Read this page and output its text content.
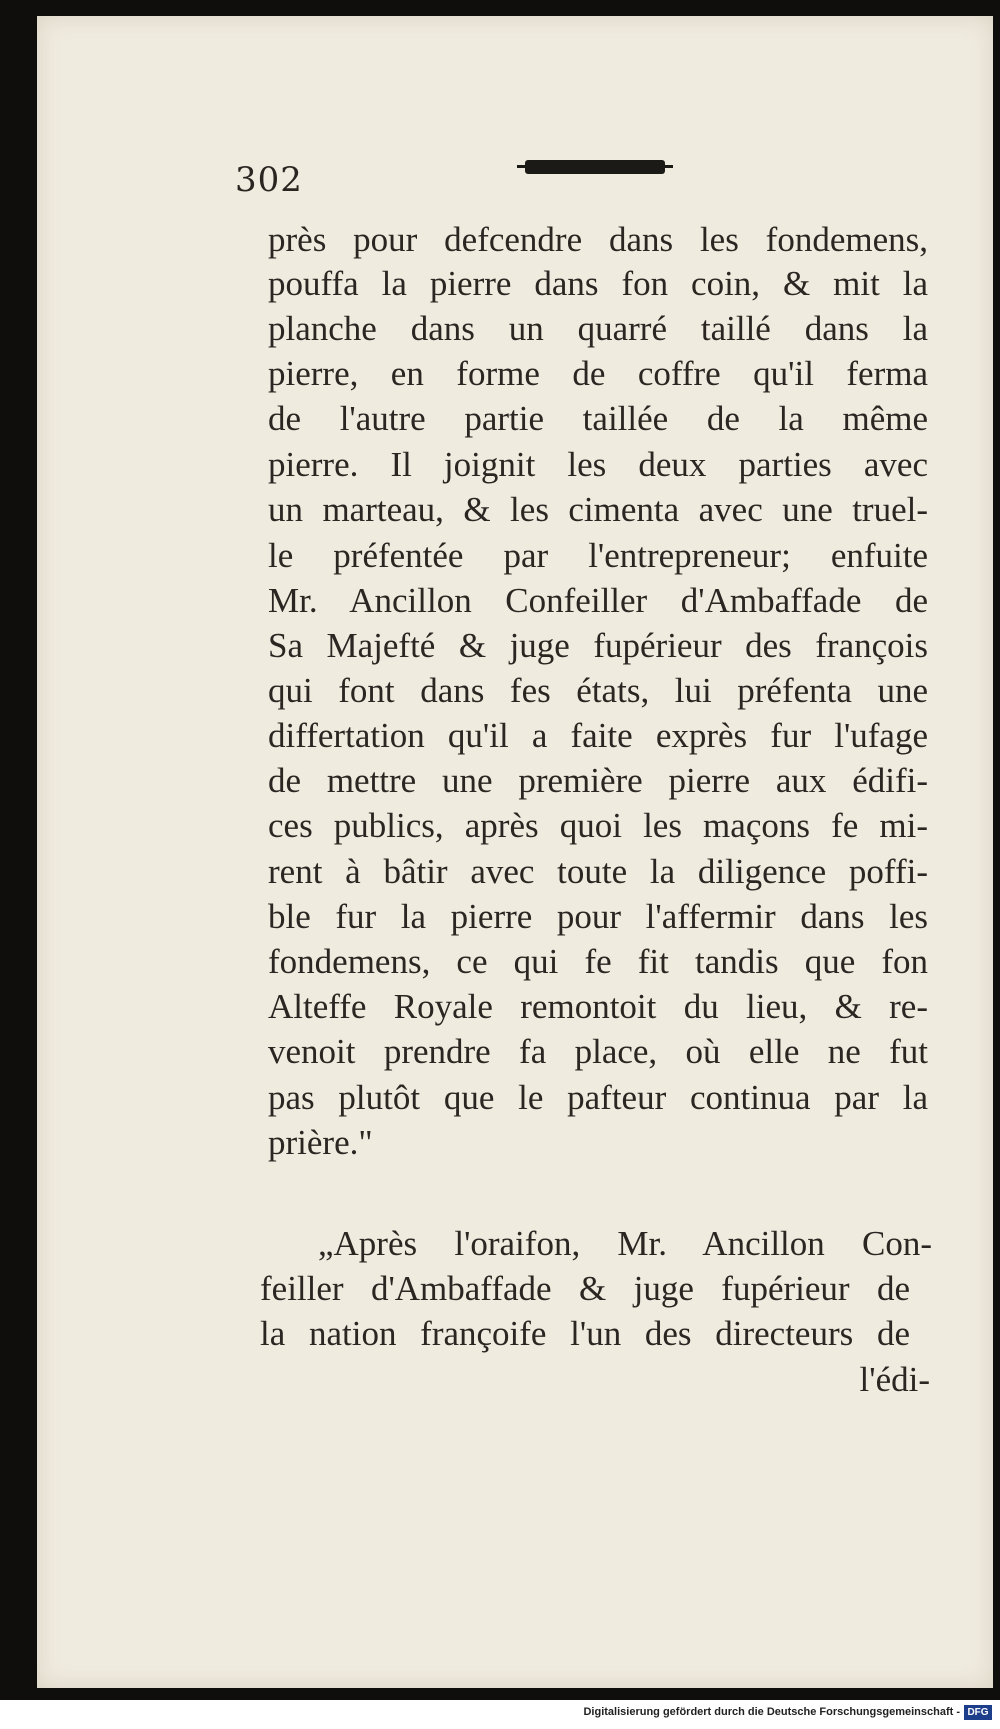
302
près pour defcendre dans les fondemens,
pouffa la pierre dans fon coin, & mit la
planche dans un quarré taillé dans la
pierre, en forme de coffre qu'il ferma
de l'autre partie taillée de la même
pierre. Il joignit les deux parties avec
un marteau, & les cimenta avec une truel-
le préfentée par l'entrepreneur; enfuite
Mr. Ancillon Confeiller d'Ambaffade de
Sa Majefté & juge fupérieur des françois
qui font dans fes états, lui préfenta une
differtation qu'il a faite exprès fur l'ufage
de mettre une première pierre aux édifi-
ces publics, après quoi les maçons fe mi-
rent à bâtir avec toute la diligence poffi-
ble fur la pierre pour l'affermir dans les
fondemens, ce qui fe fit tandis que fon
Alteffe Royale remontoit du lieu, & re-
venoit prendre fa place, où elle ne fut
pas plutôt que le pafteur continua par la
prière."
„Après l'oraifon, Mr. Ancillon Con-
feiller d'Ambaffade & juge fupérieur de
la nation françoife l'un des directeurs de
l'édi-
Digitalisierung gefördert durch die Deutsche Forschungsgemeinschaft - DFG
